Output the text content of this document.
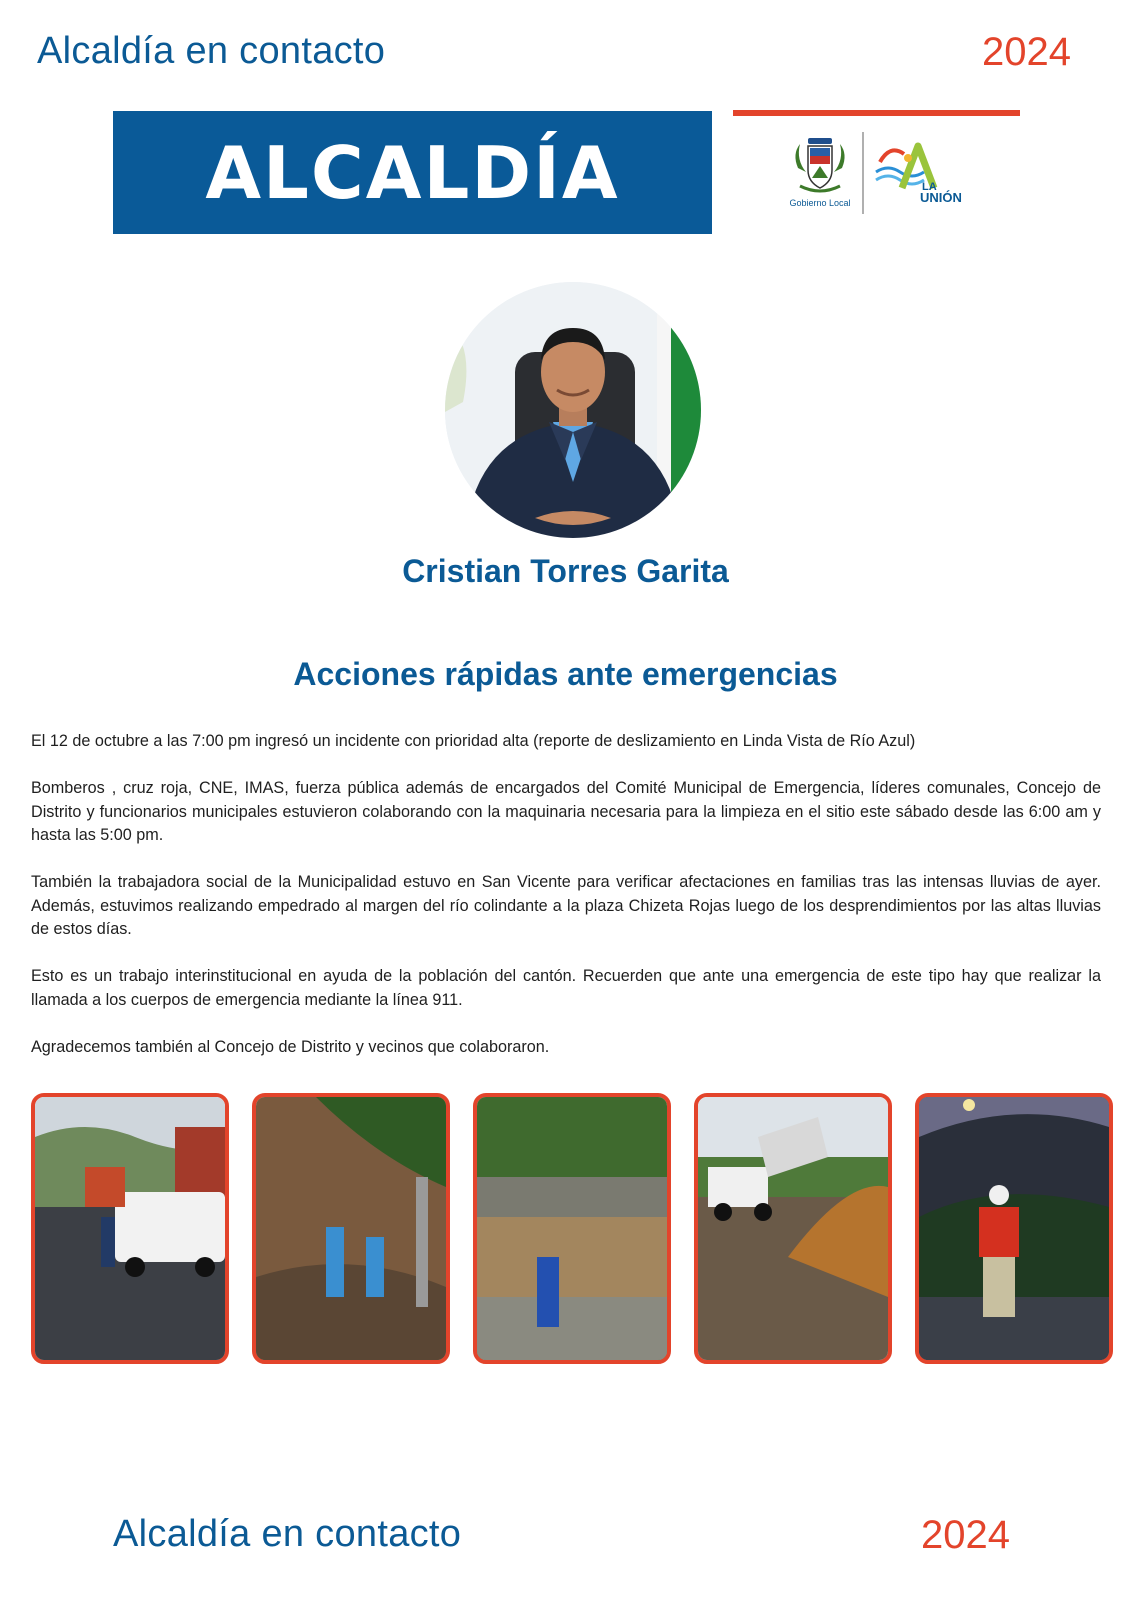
Alcaldía en contacto	2024
ALCALDÍA	Gobierno Local
LA
UNIÓN
Cristian Torres Garita
Acciones rápidas ante emergencias

El 12 de octubre a las 7:00 pm ingresó un incidente con prioridad alta (reporte de deslizamiento en Linda Vista de Río Azul)

Bomberos , cruz roja, CNE, IMAS, fuerza pública además de encargados del Comité Municipal de Emergencia, líderes comunales, Concejo de Distrito y funcionarios municipales estuvieron colaborando con la maquinaria necesaria para la limpieza en el sitio este sábado desde las 6:00 am y hasta las 5:00 pm.

También la trabajadora social de la Municipalidad estuvo en San Vicente para verificar afectaciones en familias tras las intensas lluvias de ayer. Además, estuvimos realizando empedrado al margen del río colindante a la plaza Chizeta Rojas luego de los desprendimientos por las altas lluvias de estos días.

Esto es un trabajo interinstitucional en ayuda de la población del cantón. Recuerden que ante una emergencia de este tipo hay que realizar la llamada a los cuerpos de emergencia mediante la línea 911.

Agradecemos también al Concejo de Distrito y vecinos que colaboraron.

Alcaldía en contacto	2024
